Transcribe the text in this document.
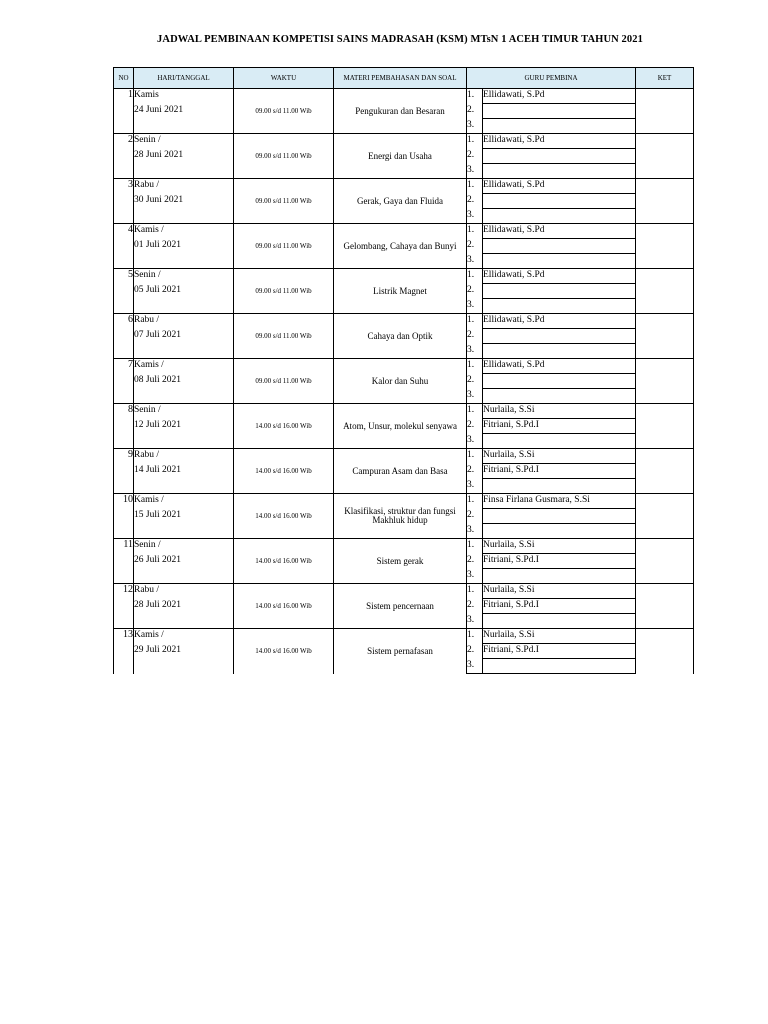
JADWAL PEMBINAAN KOMPETISI SAINS MADRASAH (KSM) MTsN 1 ACEH TIMUR TAHUN 2021
NO	HARI/TANGGAL	WAKTU	MATERI PEMBAHASAN DAN SOAL	GURU PEMBINA		KET
1	Kamis
24 Juni 2021	09.00 s/d 11.00 Wib	Pengukuran dan Besaran	1.	Ellidawati, S.Pd	
				2.		
				3.		
2	Senin /
28 Juni 2021	09.00 s/d 11.00 Wib	Energi dan Usaha	1.	Ellidawati, S.Pd	
				2.		
				3.		
3	Rabu /
30 Juni 2021	09.00 s/d 11.00 Wib	Gerak, Gaya dan Fluida	1.	Ellidawati, S.Pd	
				2.		
				3.		
4	Kamis /
01 Juli 2021	09.00 s/d 11.00 Wib	Gelombang, Cahaya dan Bunyi	1.	Ellidawati, S.Pd	
				2.		
				3.		
5	Senin /
05 Juli 2021	09.00 s/d 11.00 Wib	Listrik Magnet	1.	Ellidawati, S.Pd	
				2.		
				3.		
6	Rabu /
07 Juli 2021	09.00 s/d 11.00 Wib	Cahaya dan Optik	1.	Ellidawati, S.Pd	
				2.		
				3.		
7	Kamis /
08 Juli 2021	09.00 s/d 11.00 Wib	Kalor dan Suhu	1.	Ellidawati, S.Pd	
				2.		
				3.		
8	Senin /
12 Juli 2021	14.00 s/d 16.00 Wib	Atom, Unsur, molekul senyawa	1.	Nurlaila, S.Si	
				2.	Fitriani, S.Pd.I	
				3.		
9	Rabu /
14 Juli 2021	14.00 s/d 16.00 Wib	Campuran Asam dan Basa	1.	Nurlaila, S.Si	
				2.	Fitriani, S.Pd.I	
				3.		
10	Kamis /
15 Juli 2021	14.00 s/d 16.00 Wib	Klasifikasi, struktur dan fungsi Makhluk hidup	1.	Finsa Firlana Gusmara, S.Si	
				2.		
				3.		
11	Senin /
26 Juli 2021	14.00 s/d 16.00 Wib	Sistem gerak	1.	Nurlaila, S.Si	
				2.	Fitriani, S.Pd.I	
				3.		
12	Rabu /
28 Juli 2021	14.00 s/d 16.00 Wib	Sistem pencernaan	1.	Nurlaila, S.Si	
				2.	Fitriani, S.Pd.I	
				3.		
13	Kamis /
29 Juli 2021	14.00 s/d 16.00 Wib	Sistem pernafasan	1.	Nurlaila, S.Si	
				2.	Fitriani, S.Pd.I	
				3.		
